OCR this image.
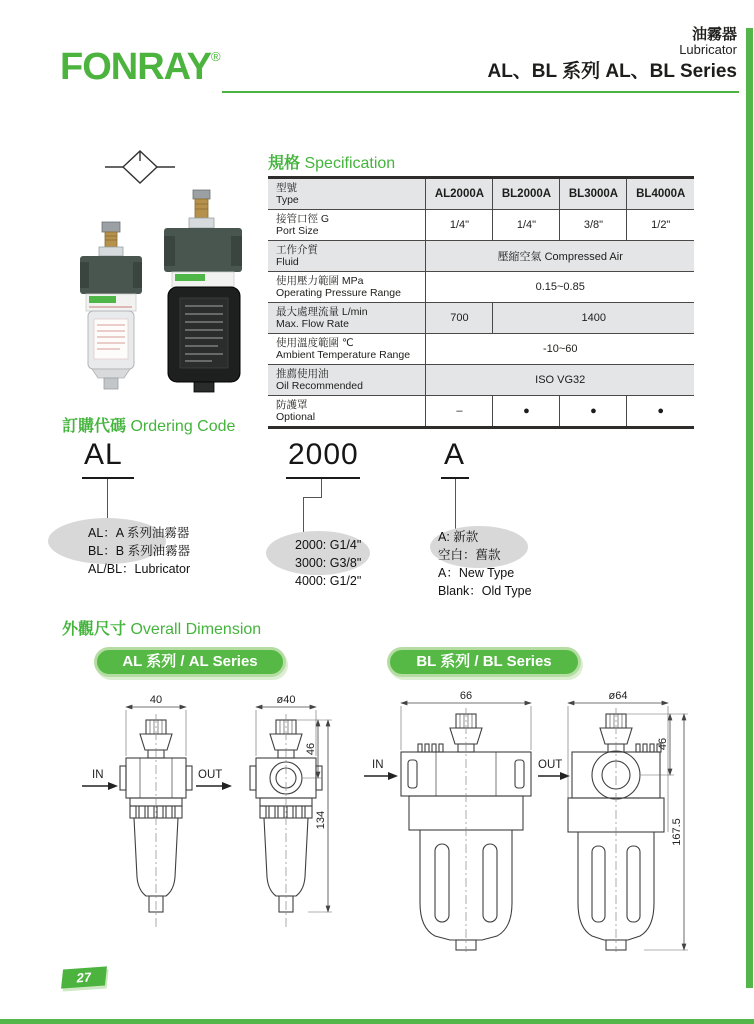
FONRAY®
油霧器
Lubricator
AL、BL 系列 AL、BL Series
規格 Specification
型號
Type	AL2000A	BL2000A	BL3000A	BL4000A

接管口徑 G
Port Size	1/4"	1/4"	3/8"	1/2"

工作介質
Fluid	壓縮空氣 Compressed Air			

使用壓力範圍 MPa
Operating Pressure Range	0.15~0.85			

最大處理流量 L/min
Max. Flow Rate	700	1400		

使用溫度範圍 ℃
Ambient Temperature Range	-10~60			

推薦使用油
Oil Recommended	ISO VG32			

防護罩
Optional	–	●	●	●
訂購代碼 Ordering Code
AL	2000	A
AL：A 系列油霧器
BL：B 系列油霧器
AL/BL：Lubricator
2000: G1/4"
3000: G3/8"
4000: G1/2"
A: 新款
空白：舊款
A：New Type
Blank：Old Type
外觀尺寸 Overall Dimension
AL 系列 / AL Series	BL 系列 / BL Series
40
IN	OUT
ø40
46
134
66
IN	OUT
ø64
46
167.5
27
